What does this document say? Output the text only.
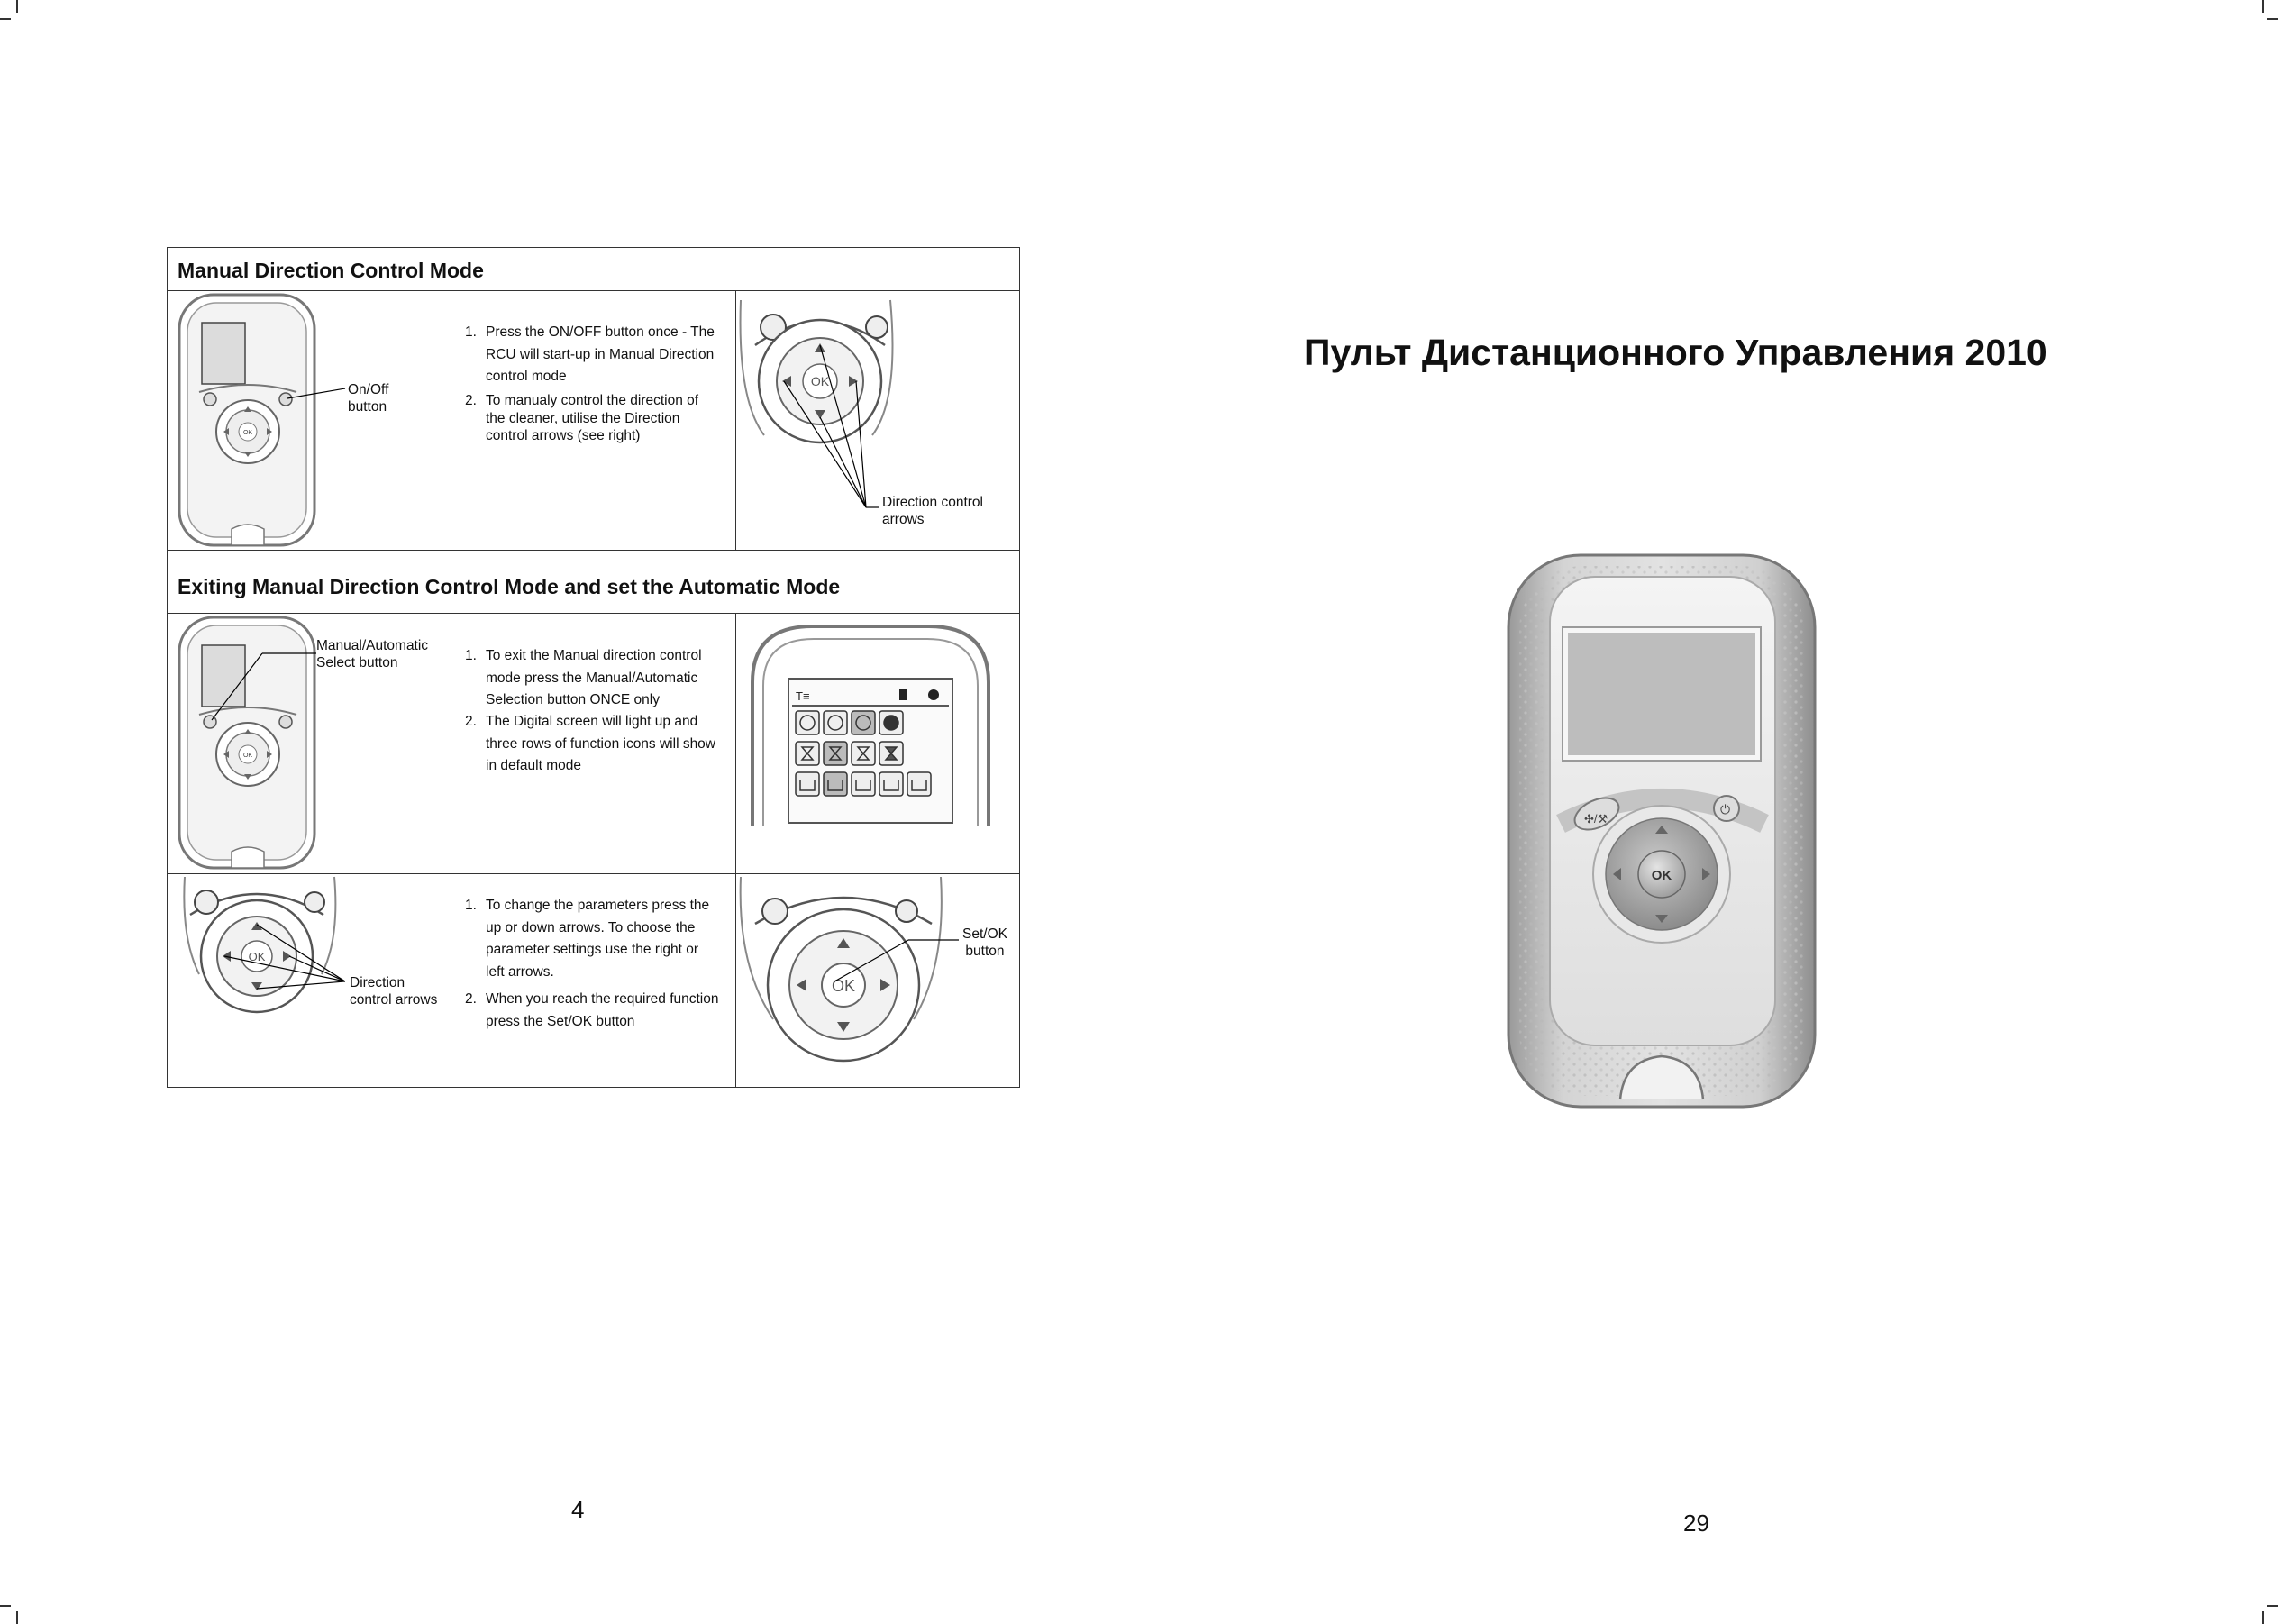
Manual Direction Control Mode
Exiting Manual Direction Control Mode and set the Automatic Mode
1. Press the ON/OFF button once - The RCU will start-up in Manual Direction control mode
2. To manualy control the direction of the cleaner, utilise the Direction control arrows (see right)
1. To exit the Manual direction control mode press the Manual/Automatic Selection button ONCE only
2. The Digital screen will light up and three rows of function icons will show in default mode
1. To change the parameters press the up or down arrows. To choose the parameter settings use the right or left arrows.
2. When you reach the required function press the Set/OK button
On/Off
button
Direction control
arrows
Manual/Automatic
Select button
Direction
control arrows
Set/OK
button
OK
OK
OK
T≡
OK
OK
4
Пульт Дистанционного Управления 2010
✣/⚒
⏻
OK
29
